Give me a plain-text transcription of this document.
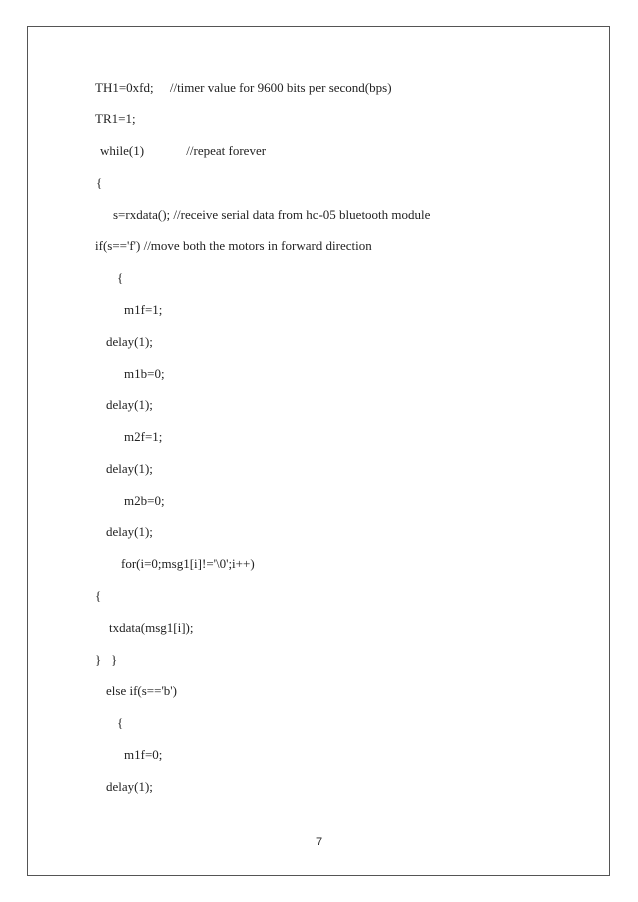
TH1=0xfd;     //timer value for 9600 bits per second(bps)
TR1=1;
while(1)             //repeat forever
{
s=rxdata(); //receive serial data from hc-05 bluetooth module
if(s=='f') //move both the motors in forward direction
{
m1f=1;
delay(1);
m1b=0;
delay(1);
m2f=1;
delay(1);
m2b=0;
delay(1);
for(i=0;msg1[i]!='\0';i++)
{
txdata(msg1[i]);
}   }
else if(s=='b')
{
m1f=0;
delay(1);
7
